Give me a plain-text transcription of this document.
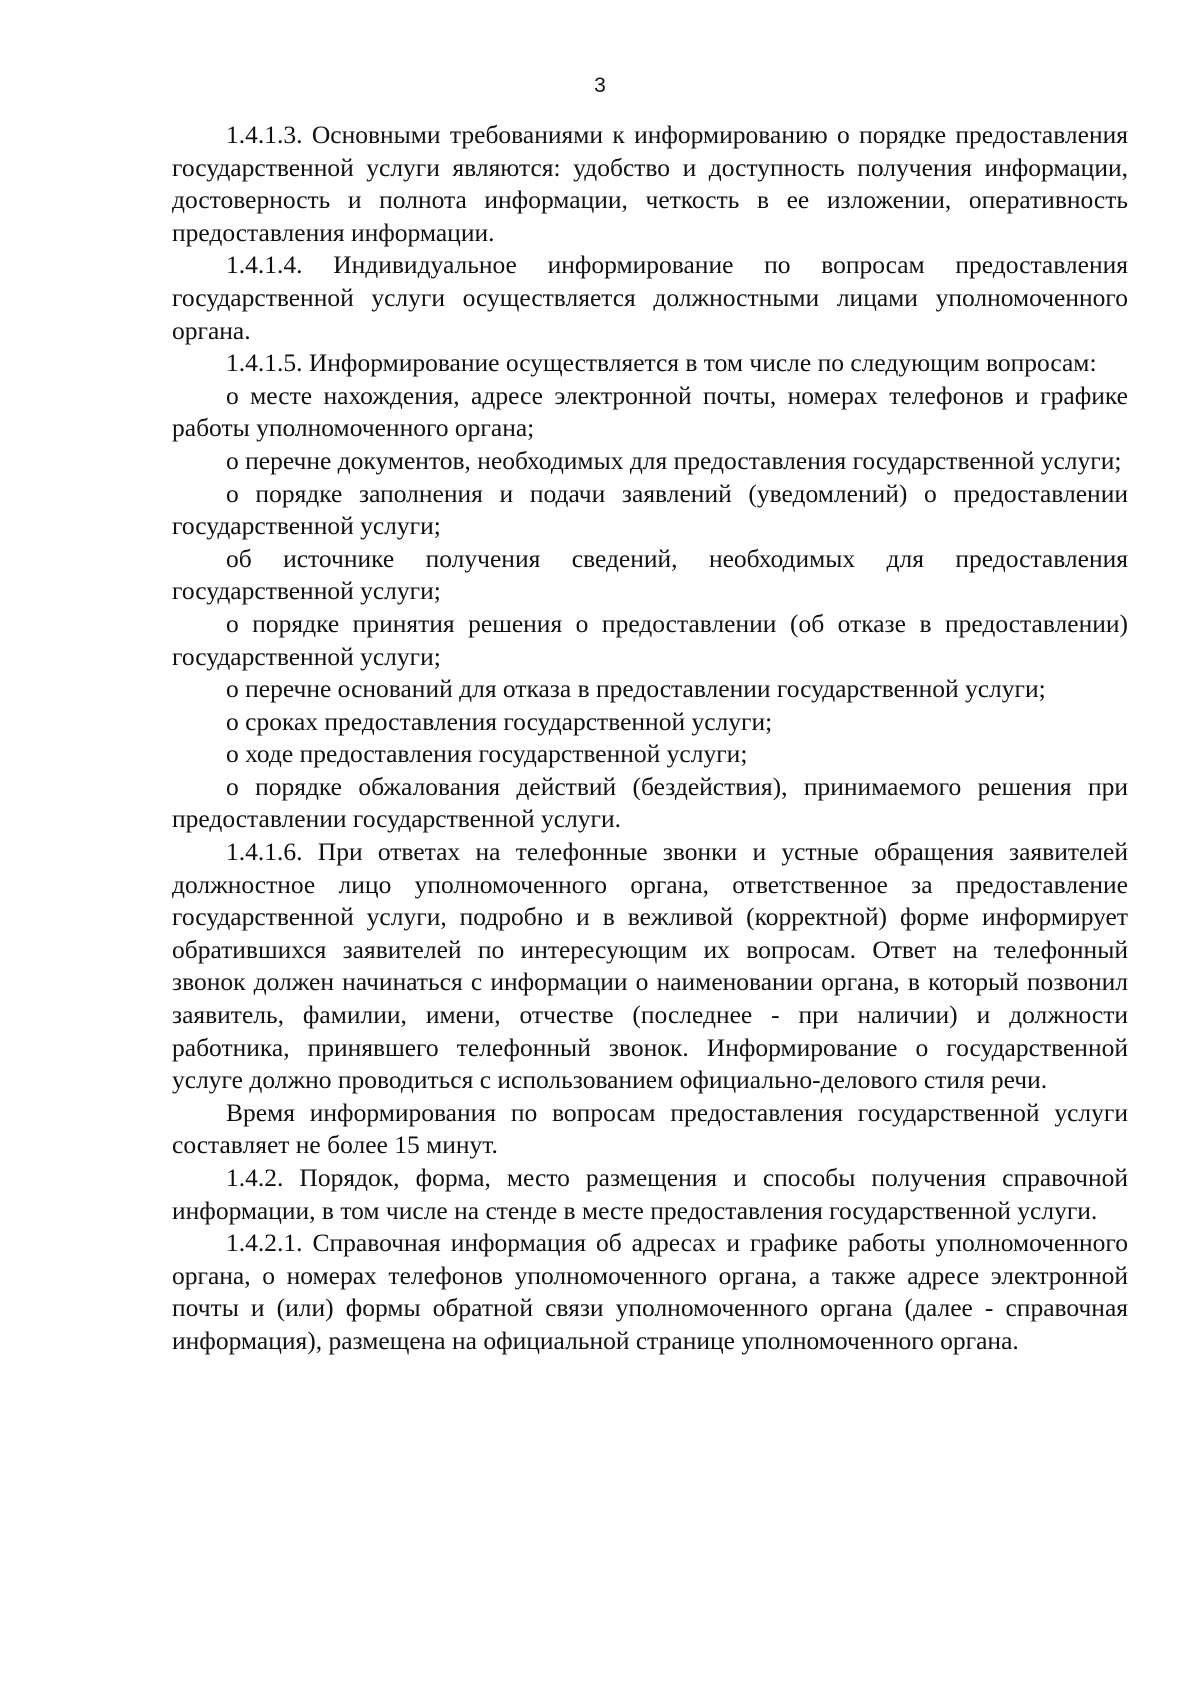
3

1.4.1.3. Основными требованиями к информированию о порядке предоставления государственной услуги являются: удобство и доступность получения информации, достоверность и полнота информации, четкость в ее изложении, оперативность предоставления информации.

1.4.1.4. Индивидуальное информирование по вопросам предоставления государственной услуги осуществляется должностными лицами уполномоченного органа.

1.4.1.5. Информирование осуществляется в том числе по следующим вопросам:

о месте нахождения, адресе электронной почты, номерах телефонов и графике работы уполномоченного органа;

о перечне документов, необходимых для предоставления государственной услуги;

о порядке заполнения и подачи заявлений (уведомлений) о предоставлении государственной услуги;

об источнике получения сведений, необходимых для предоставления государственной услуги;

о порядке принятия решения о предоставлении (об отказе в предоставлении) государственной услуги;

о перечне оснований для отказа в предоставлении государственной услуги;

о сроках предоставления государственной услуги;

о ходе предоставления государственной услуги;

о порядке обжалования действий (бездействия), принимаемого решения при предоставлении государственной услуги.

1.4.1.6. При ответах на телефонные звонки и устные обращения заявителей должностное лицо уполномоченного органа, ответственное за предоставление государственной услуги, подробно и в вежливой (корректной) форме информирует обратившихся заявителей по интересующим их вопросам. Ответ на телефонный звонок должен начинаться с информации о наименовании органа, в который позвонил заявитель, фамилии, имени, отчестве (последнее - при наличии) и должности работника, принявшего телефонный звонок. Информирование о государственной услуге должно проводиться с использованием официально-делового стиля речи.

Время информирования по вопросам предоставления государственной услуги составляет не более 15 минут.

1.4.2. Порядок, форма, место размещения и способы получения справочной информации, в том числе на стенде в месте предоставления государственной услуги.

1.4.2.1. Справочная информация об адресах и графике работы уполномоченного органа, о номерах телефонов уполномоченного органа, а также адресе электронной почты и (или) формы обратной связи уполномоченного органа (далее - справочная информация), размещена на официальной странице уполномоченного органа.
